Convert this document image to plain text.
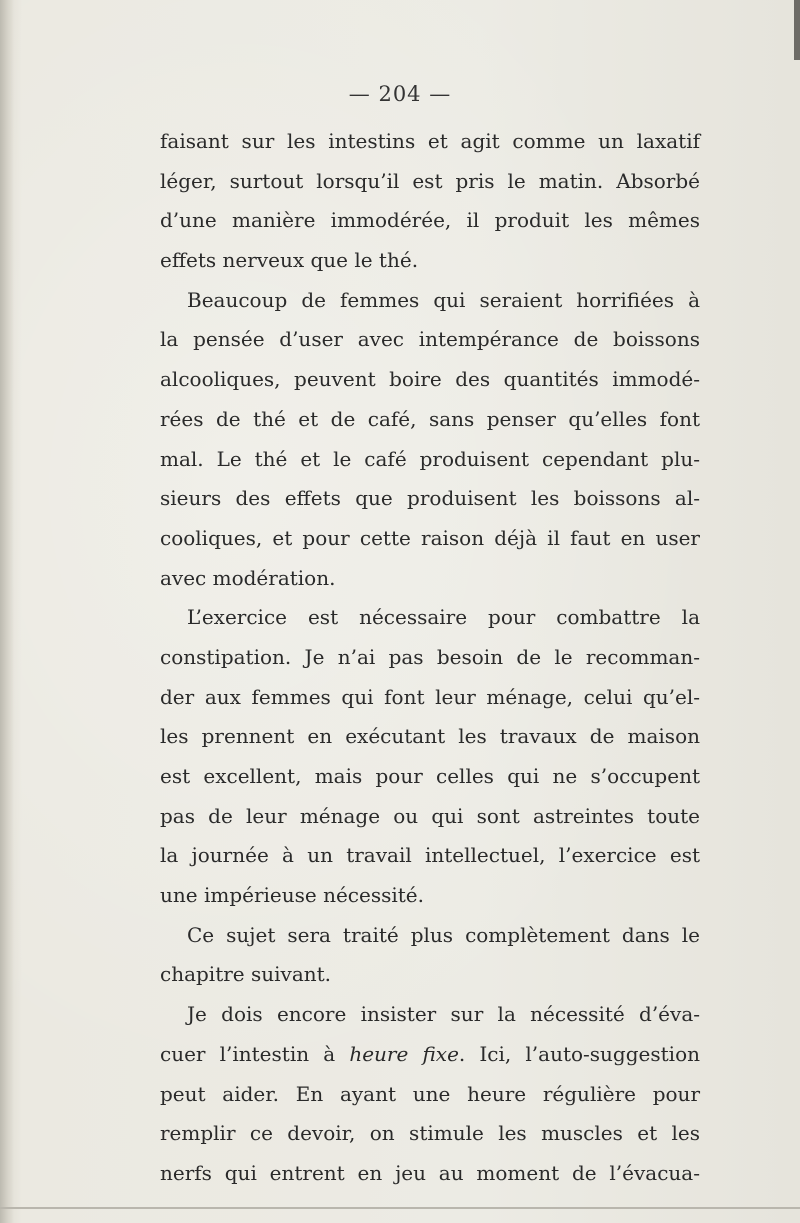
— 204 —
faisant sur les intestins et agit comme un laxatif
léger, surtout lorsqu’il est pris le matin. Absorbé
d’une manière immodérée, il produit les mêmes
effets nerveux que le thé.
Beaucoup de femmes qui seraient horrifiées à
la pensée d’user avec intempérance de boissons
alcooliques, peuvent boire des quantités immodé-
rées de thé et de café, sans penser qu’elles font
mal. Le thé et le café produisent cependant plu-
sieurs des effets que produisent les boissons al-
cooliques, et pour cette raison déjà il faut en user
avec modération.
L’exercice est nécessaire pour combattre la
constipation. Je n’ai pas besoin de le recomman-
der aux femmes qui font leur ménage, celui qu’el-
les prennent en exécutant les travaux de maison
est excellent, mais pour celles qui ne s’occupent
pas de leur ménage ou qui sont astreintes toute
la journée à un travail intellectuel, l’exercice est
une impérieuse nécessité.
Ce sujet sera traité plus complètement dans le
chapitre suivant.
Je dois encore insister sur la nécessité d’éva-
cuer l’intestin à heure fixe. Ici, l’auto-suggestion
peut aider. En ayant une heure régulière pour
remplir ce devoir, on stimule les muscles et les
nerfs qui entrent en jeu au moment de l’évacua-
